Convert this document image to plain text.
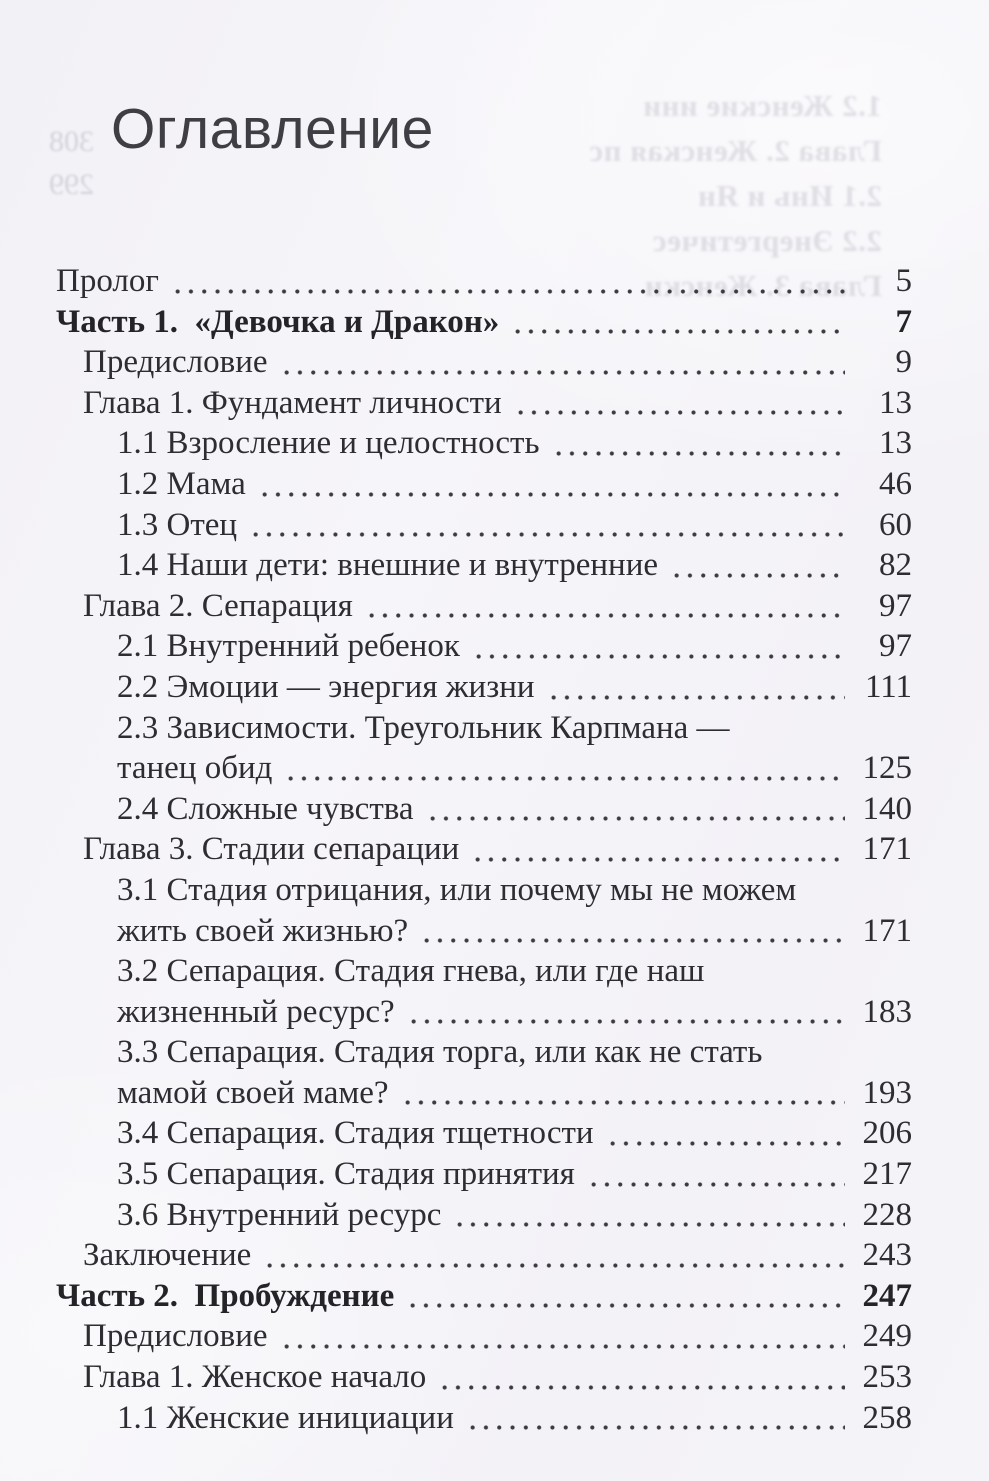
1.2 Женские ини
Глава 2. Женская пс
2.1 Инь и Ян
2.2 Энергетичес
Глава 3. Женски
308
299
Оглавление
Пролог	5
Часть 1. «Девочка и Дракон»	7
Предисловие	9
Глава 1. Фундамент личности	13
1.1 Взросление и целостность	13
1.2 Мама	46
1.3 Отец	60
1.4 Наши дети: внешние и внутренние	82
Глава 2. Сепарация	97
2.1 Внутренний ребенок	97
2.2 Эмоции — энергия жизни	111
2.3 Зависимости. Треугольник Карпмана —
танец обид	125
2.4 Сложные чувства	140
Глава 3. Стадии сепарации	171
3.1 Стадия отрицания, или почему мы не можем
жить своей жизнью?	171
3.2 Сепарация. Стадия гнева, или где наш
жизненный ресурс?	183
3.3 Сепарация. Стадия торга, или как не стать
мамой своей маме?	193
3.4 Сепарация. Стадия тщетности	206
3.5 Сепарация. Стадия принятия	217
3.6 Внутренний ресурс	228
Заключение	243
Часть 2. Пробуждение	247
Предисловие	249
Глава 1. Женское начало	253
1.1 Женские инициации	258
